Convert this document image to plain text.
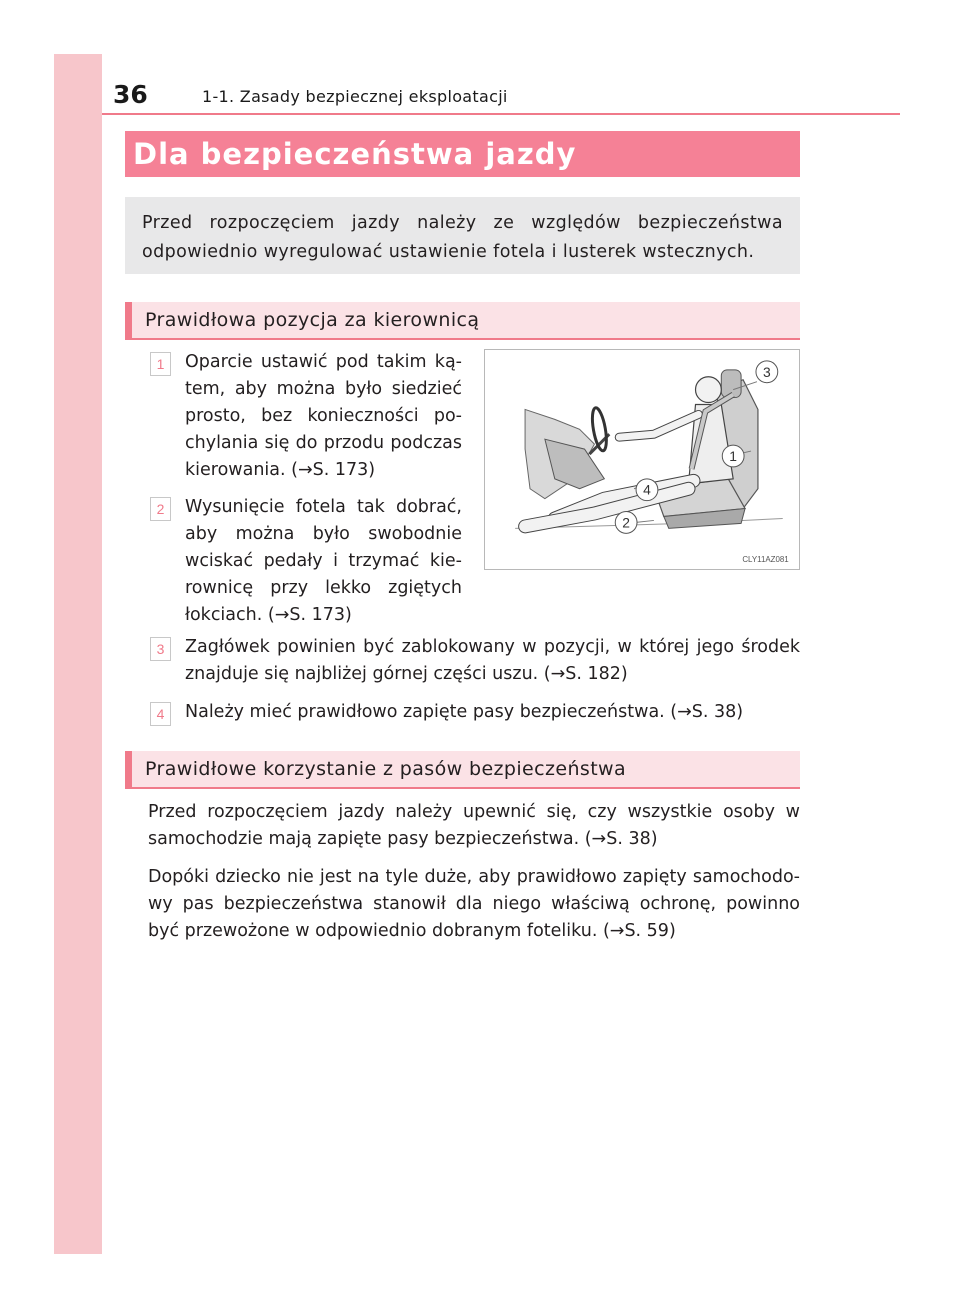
36	1-1. Zasady bezpiecznej eksploatacji
Dla bezpieczeństwa jazdy
Przed rozpoczęciem jazdy należy ze względów bezpieczeństwa odpowiednio wyregulować ustawienie fotela i lusterek wstecznych.
Prawidłowa pozycja za kierownicą
1	Oparcie ustawić pod takim kątem, aby można było siedzieć prosto, bez konieczności pochylania się do przodu podczas kierowania. (→S. 173)
2	Wysunięcie fotela tak dobrać, aby można było swobodnie wciskać pedały i trzymać kierownicę przy lekko zgiętych łokciach. (→S. 173)
3
1
4
2
CLY11AZ081
3	Zagłówek powinien być zablokowany w pozycji, w której jego środek znajduje się najbliżej górnej części uszu. (→S. 182)
4	Należy mieć prawidłowo zapięte pasy bezpieczeństwa. (→S. 38)
Prawidłowe korzystanie z pasów bezpieczeństwa
Przed rozpoczęciem jazdy należy upewnić się, czy wszystkie osoby w samochodzie mają zapięte pasy bezpieczeństwa. (→S. 38)
Dopóki dziecko nie jest na tyle duże, aby prawidłowo zapięty samochodowy pas bezpieczeństwa stanowił dla niego właściwą ochronę, powinno być przewożone w odpowiednio dobranym foteliku. (→S. 59)
